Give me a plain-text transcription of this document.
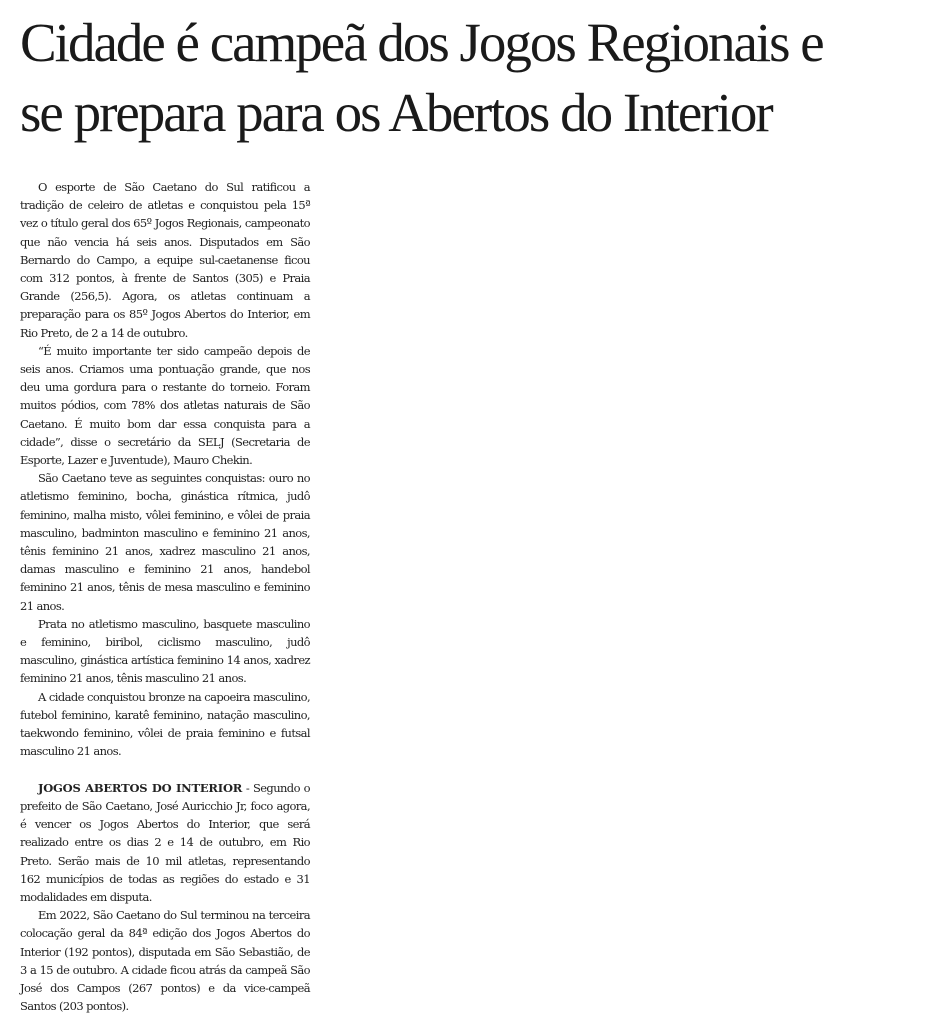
Cidade é campeã dos Jogos Regionais e
se prepara para os Abertos do Interior

O esporte de São Caetano do Sul ratificou a tradição de celeiro de atletas e conquistou pela 15ª vez o título geral dos 65º Jogos Regionais, campeonato que não vencia há seis anos. Disputados em São Bernardo do Campo, a equipe sul-caetanense ficou com 312 pontos, à frente de Santos (305) e Praia Grande (256,5). Agora, os atletas continuam a preparação para os 85º Jogos Abertos do Interior, em Rio Preto, de 2 a 14 de outubro.

“É muito importante ter sido campeão depois de seis anos. Criamos uma pontuação grande, que nos deu uma gordura para o restante do torneio. Foram muitos pódios, com 78% dos atletas naturais de São Caetano. É muito bom dar essa conquista para a cidade”, disse o secretário da SELJ (Secretaria de Esporte, Lazer e Juventude), Mauro Chekin.

São Caetano teve as seguintes conquistas: ouro no atletismo feminino, bocha, ginástica rítmica, judô feminino, malha misto, vôlei feminino, e vôlei de praia masculino, badminton masculino e feminino 21 anos, tênis feminino 21 anos, xadrez masculino 21 anos, damas masculino e feminino 21 anos, handebol feminino 21 anos, tênis de mesa masculino e feminino 21 anos.

Prata no atletismo masculino, basquete masculino e feminino, biribol, ciclismo masculino, judô masculino, ginástica artística feminino 14 anos, xadrez feminino 21 anos, tênis masculino 21 anos.

A cidade conquistou bronze na capoeira masculino, futebol feminino, karatê feminino, natação masculino, taekwondo feminino, vôlei de praia feminino e futsal masculino 21 anos.

JOGOS ABERTOS DO INTERIOR - Segundo o prefeito de São Caetano, José Auricchio Jr, foco agora, é vencer os Jogos Abertos do Interior, que será realizado entre os dias 2 e 14 de outubro, em Rio Preto. Serão mais de 10 mil atletas, representando 162 municípios de todas as regiões do estado e 31 modalidades em disputa.

Em 2022, São Caetano do Sul terminou na terceira colocação geral da 84ª edição dos Jogos Abertos do Interior (192 pontos), disputada em São Sebastião, de 3 a 15 de outubro. A cidade ficou atrás da campeã São José dos Campos (267 pontos) e da vice-campeã Santos (203 pontos).
